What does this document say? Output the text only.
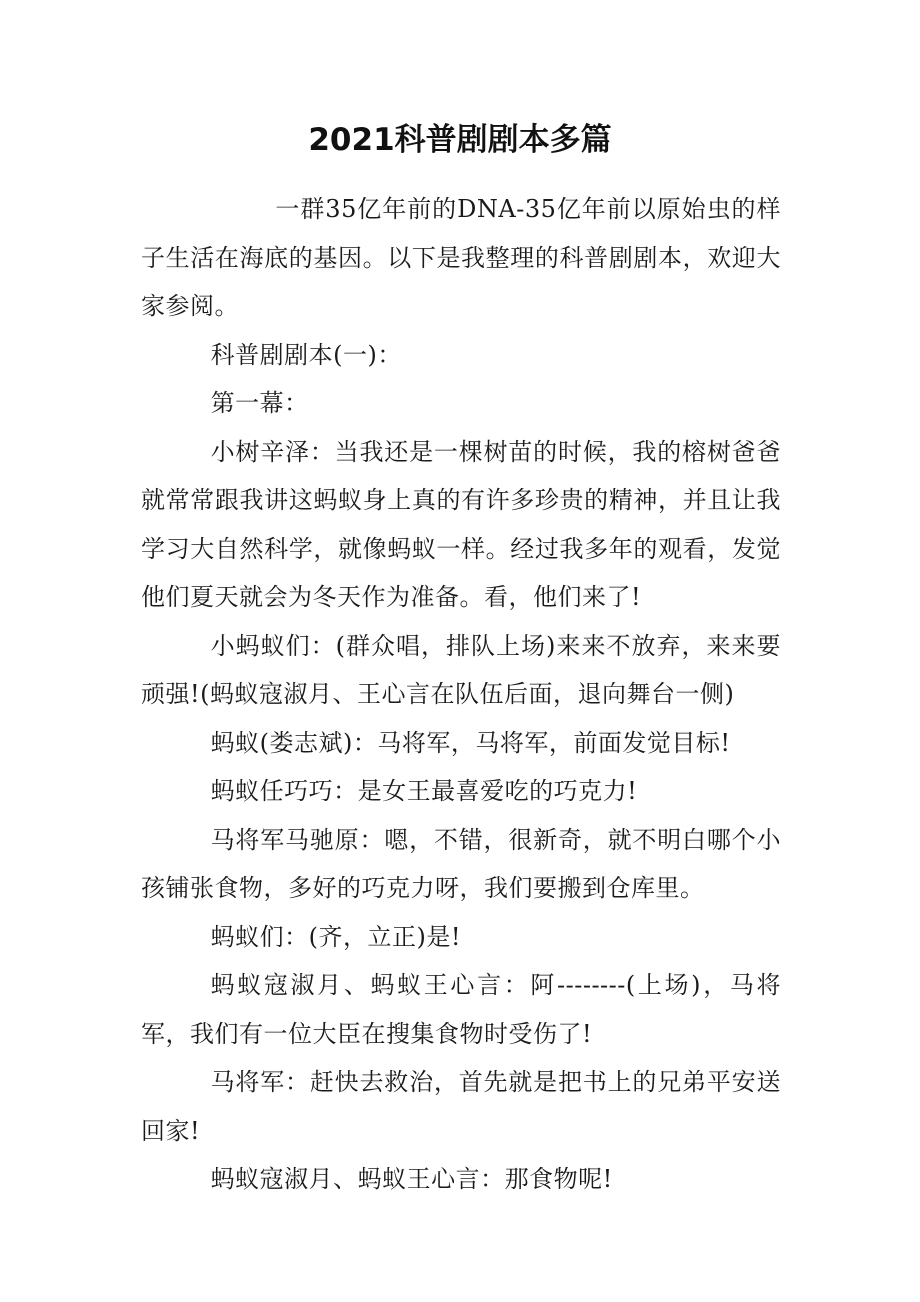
2021科普剧剧本多篇

一群35亿年前的DNA-35亿年前以原始虫的样子生活在海底的基因。以下是我整理的科普剧剧本，欢迎大家参阅。

科普剧剧本(一)：

第一幕：

小树辛泽：当我还是一棵树苗的时候，我的榕树爸爸就常常跟我讲这蚂蚁身上真的有许多珍贵的精神，并且让我学习大自然科学，就像蚂蚁一样。经过我多年的观看，发觉他们夏天就会为冬天作为准备。看，他们来了!

小蚂蚁们：(群众唱，排队上场)来来不放弃，来来要顽强!(蚂蚁寇淑月、王心言在队伍后面，退向舞台一侧)

蚂蚁(娄志斌)：马将军，马将军，前面发觉目标!

蚂蚁任巧巧：是女王最喜爱吃的巧克力!

马将军马驰原：嗯，不错，很新奇，就不明白哪个小孩铺张食物，多好的巧克力呀，我们要搬到仓库里。

蚂蚁们：(齐，立正)是!

蚂蚁寇淑月、蚂蚁王心言：阿--------(上场)，马将军，我们有一位大臣在搜集食物时受伤了!

马将军：赶快去救治，首先就是把书上的兄弟平安送回家!

蚂蚁寇淑月、蚂蚁王心言：那食物呢!
